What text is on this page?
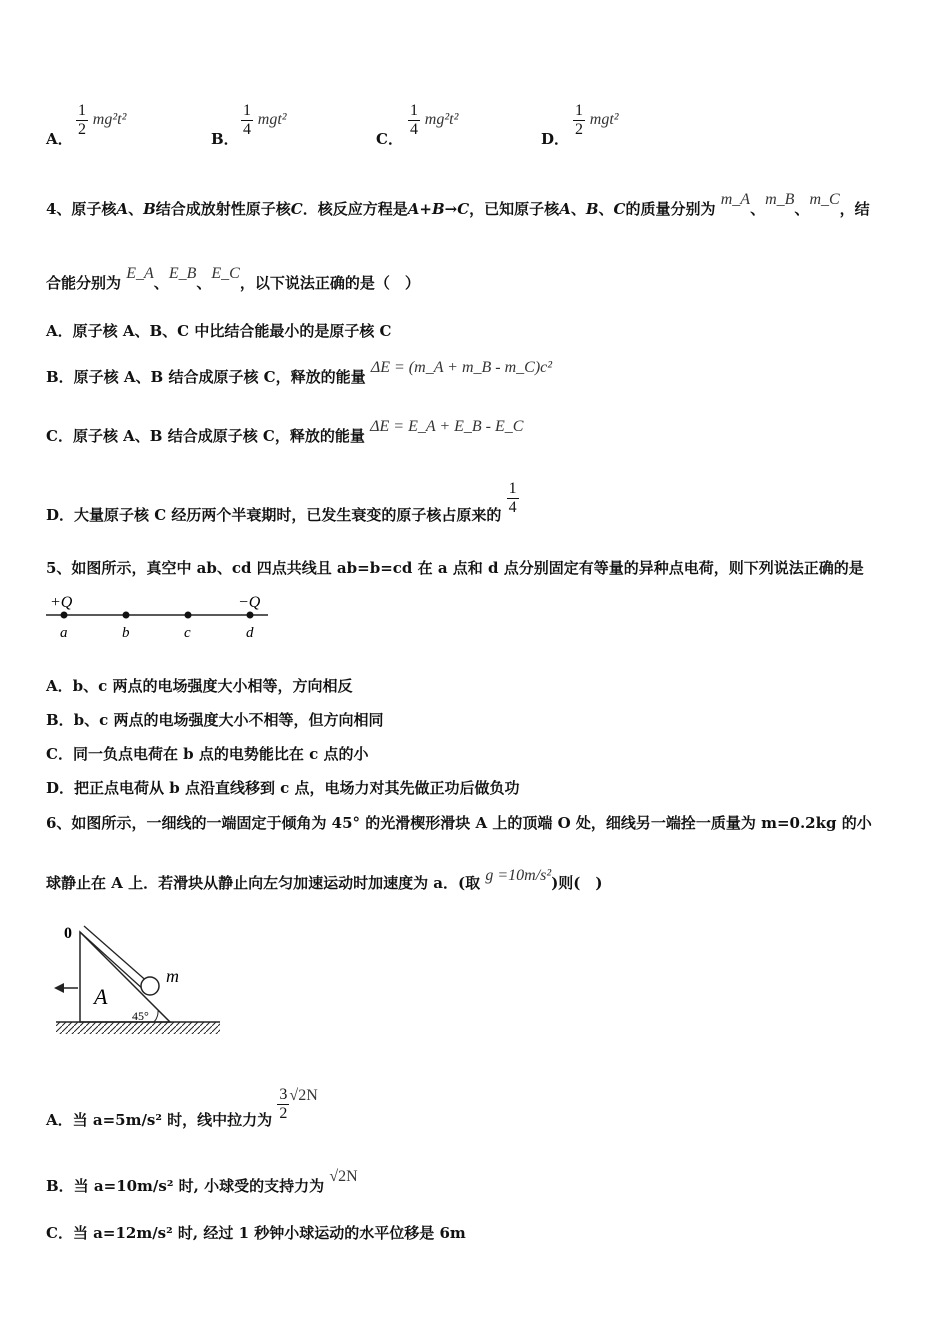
A．
$\frac{1}{2} mg^2t^2$
B．
$\frac{1}{4} mgt^2$
C．
$\frac{1}{4} mg^2t^2$
D．
$\frac{1}{2} mgt^2$
4、原子核A、B结合成放射性原子核C．核反应方程是A+B→C，已知原子核A、B、C的质量分别为 m_A、m_B、m_C，结
合能分别为 E_A、E_B、E_C，以下说法正确的是（　）
A．原子核 A、B、C 中比结合能最小的是原子核 C
B．原子核 A、B 结合成原子核 C，释放的能量 ΔE = (m_A + m_B - m_C)c²
C．原子核 A、B 结合成原子核 C，释放的能量 ΔE = E_A + E_B - E_C
D．大量原子核 C 经历两个半衰期时，已发生衰变的原子核占原来的 $\frac{1}{4}$
5、如图所示，真空中 ab、cd 四点共线且 ab=b=cd 在 a 点和 d 点分别固定有等量的异种点电荷，则下列说法正确的是
+Q	−Q
a	b	c	d
A．b、c 两点的电场强度大小相等，方向相反
B．b、c 两点的电场强度大小不相等，但方向相同
C．同一负点电荷在 b 点的电势能比在 c 点的小
D．把正点电荷从 b 点沿直线移到 c 点，电场力对其先做正功后做负功
6、如图所示，一细线的一端固定于倾角为 45° 的光滑楔形滑块 A 上的顶端 O 处，细线另一端拴一质量为 m=0.2kg 的小
球静止在 A 上．若滑块从静止向左匀加速运动时加速度为 a．(取 g =10m/s²)则(　)
0
A
m
45°
A．当 a=5m/s² 时，线中拉力为 $\frac{3}{2} √2N$
B．当 a=10m/s² 时, 小球受的支持力为 √2N
C．当 a=12m/s² 时, 经过 1 秒钟小球运动的水平位移是 6m
